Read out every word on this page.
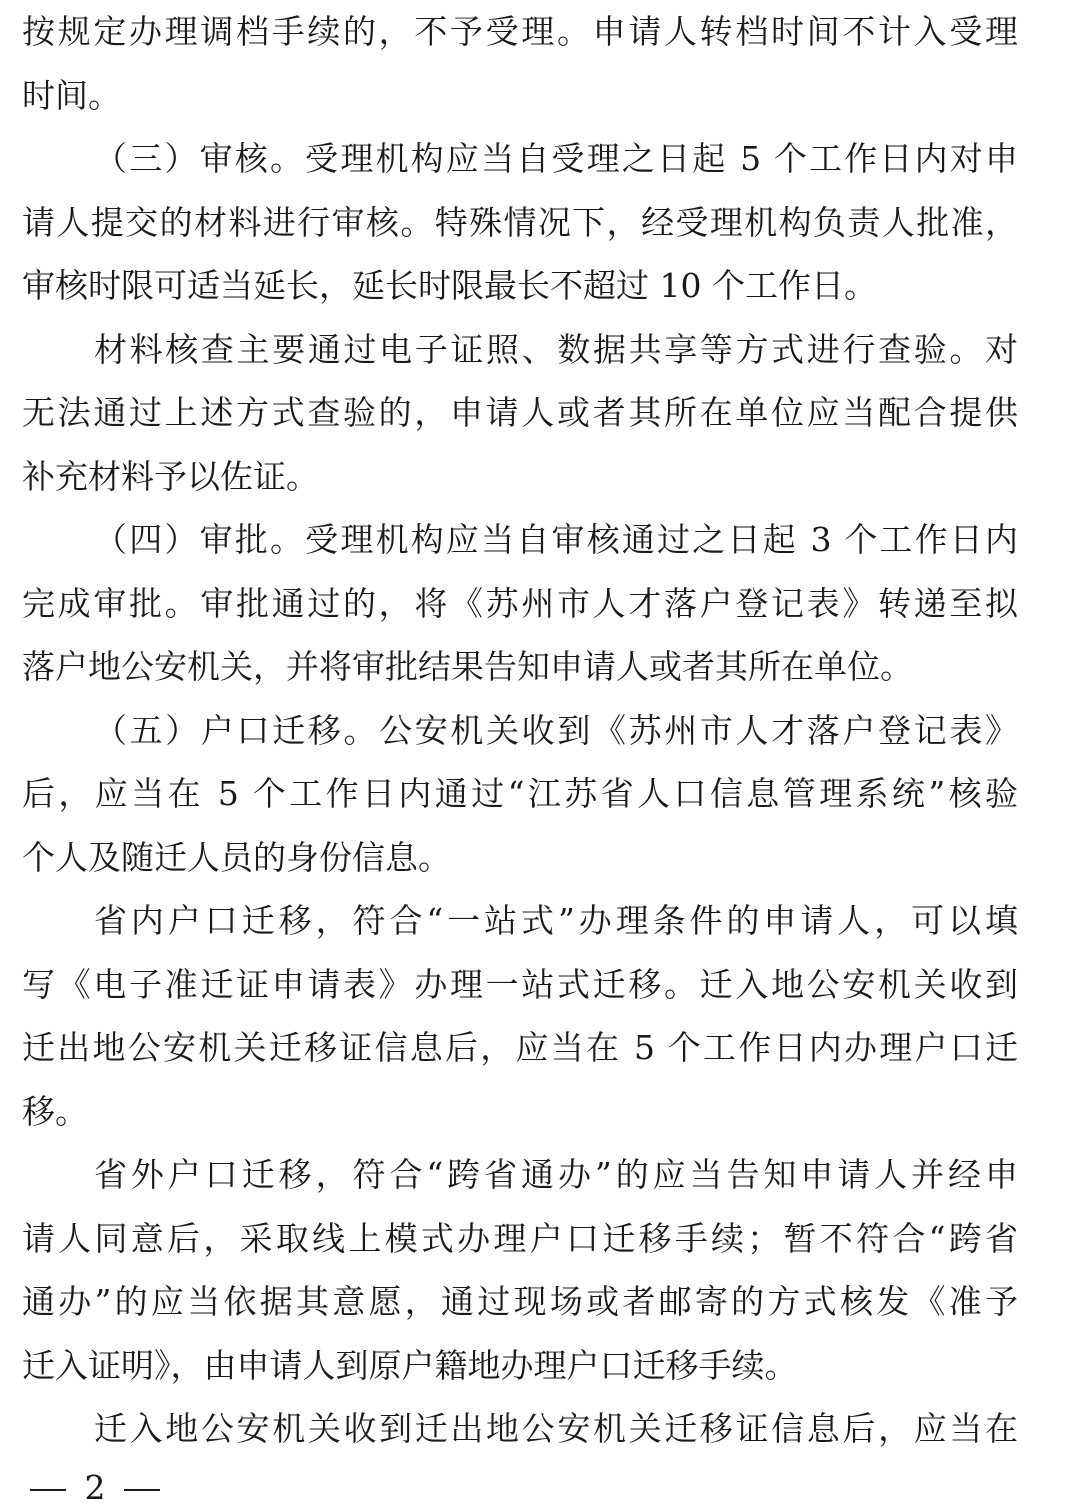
按规定办理调档手续的，不予受理。申请人转档时间不计入受理
时间。
（三）审核。受理机构应当自受理之日起 5 个工作日内对申
请人提交的材料进行审核。特殊情况下，经受理机构负责人批准，
审核时限可适当延长，延长时限最长不超过 10 个工作日。
材料核查主要通过电子证照、数据共享等方式进行查验。对
无法通过上述方式查验的，申请人或者其所在单位应当配合提供
补充材料予以佐证。
（四）审批。受理机构应当自审核通过之日起 3 个工作日内
完成审批。审批通过的，将《苏州市人才落户登记表》转递至拟
落户地公安机关，并将审批结果告知申请人或者其所在单位。
（五）户口迁移。公安机关收到《苏州市人才落户登记表》
后，应当在 5 个工作日内通过“江苏省人口信息管理系统”核验
个人及随迁人员的身份信息。
省内户口迁移，符合“一站式”办理条件的申请人，可以填
写《电子准迁证申请表》办理一站式迁移。迁入地公安机关收到
迁出地公安机关迁移证信息后，应当在 5 个工作日内办理户口迁
移。
省外户口迁移，符合“跨省通办”的应当告知申请人并经申
请人同意后，采取线上模式办理户口迁移手续；暂不符合“跨省
通办”的应当依据其意愿，通过现场或者邮寄的方式核发《准予
迁入证明》，由申请人到原户籍地办理户口迁移手续。
迁入地公安机关收到迁出地公安机关迁移证信息后，应当在
2
